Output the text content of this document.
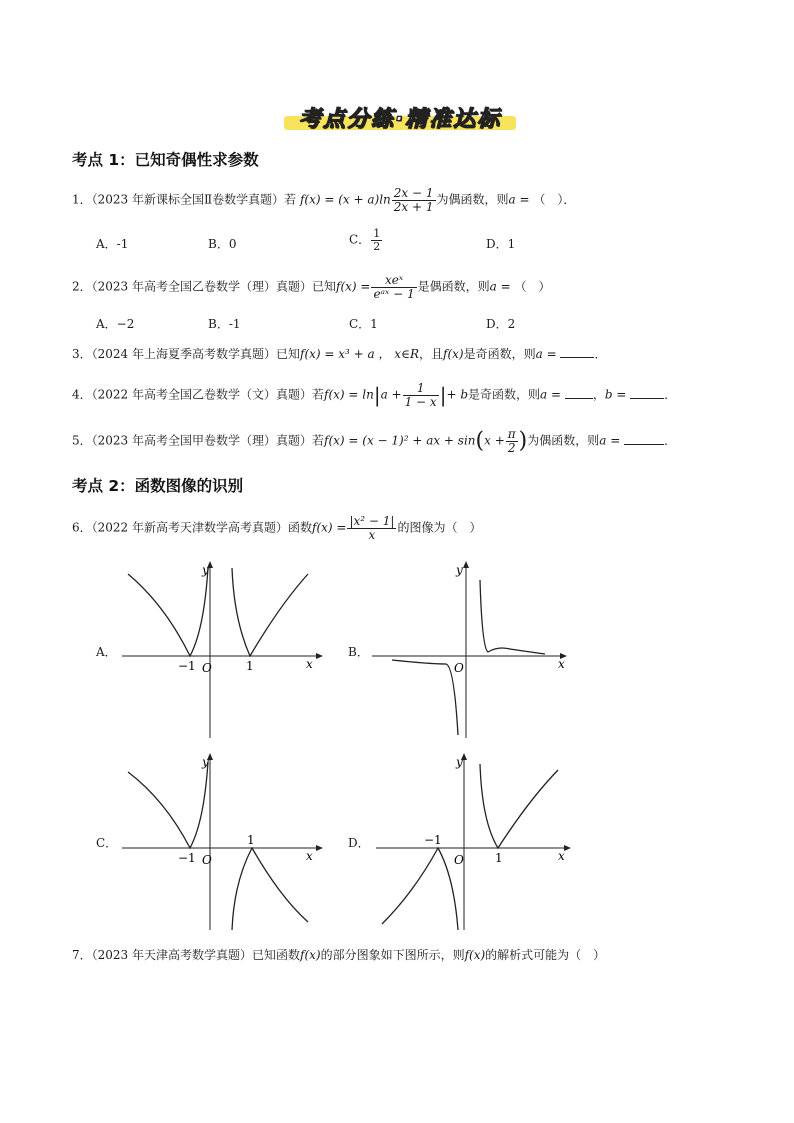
考点分练·精准达标
考点 1：已知奇偶性求参数
1．（2023 年新课标全国Ⅱ卷数学真题）若 $f(x) = (x + a)\ln \frac{2x - 1}{2x + 1}$ 为偶函数，则a = （　）．
A．-1	B．0	C． $\frac{1}{2}$	D．1
2．（2023 年高考全国乙卷数学（理）真题）已知$f(x) = \frac{\text{xeˣ}}{\text{eᵃˣ − 1}}$ 是偶函数，则a = （　）
A．−2	B．-1	C．1	D．2
3．（2024 年上海夏季高考数学真题）已知f(x) = x³ + a ， x∈R，且f(x)是奇函数，则a =	．
4．（2022 年高考全国乙卷数学（文）真题）若$f(x) = \ln|a + \frac{1}{1 - x}$ |+ b是奇函数，则a =	，b =	．
5．（2023 年高考全国甲卷数学（理）真题）若f(x) = (x − 1)² + ax + $\sin(x + \frac{\pi}{2}$ )为偶函数，则a =	．
考点 2：函数图像的识别
6．（2022 年新高考天津数学高考真题）函数$f(x) = \frac{\text{|x² − 1|}}{x}$ 的图像为（　）
A．
−1	1
O	x
y
B．
O	x
y
C．
−1
1
O	x
y
D．	−1
1
O	x
y
7．（2023 年天津高考数学真题）已知函数f(x)的部分图象如下图所示，则f(x)的解析式可能为（　）
